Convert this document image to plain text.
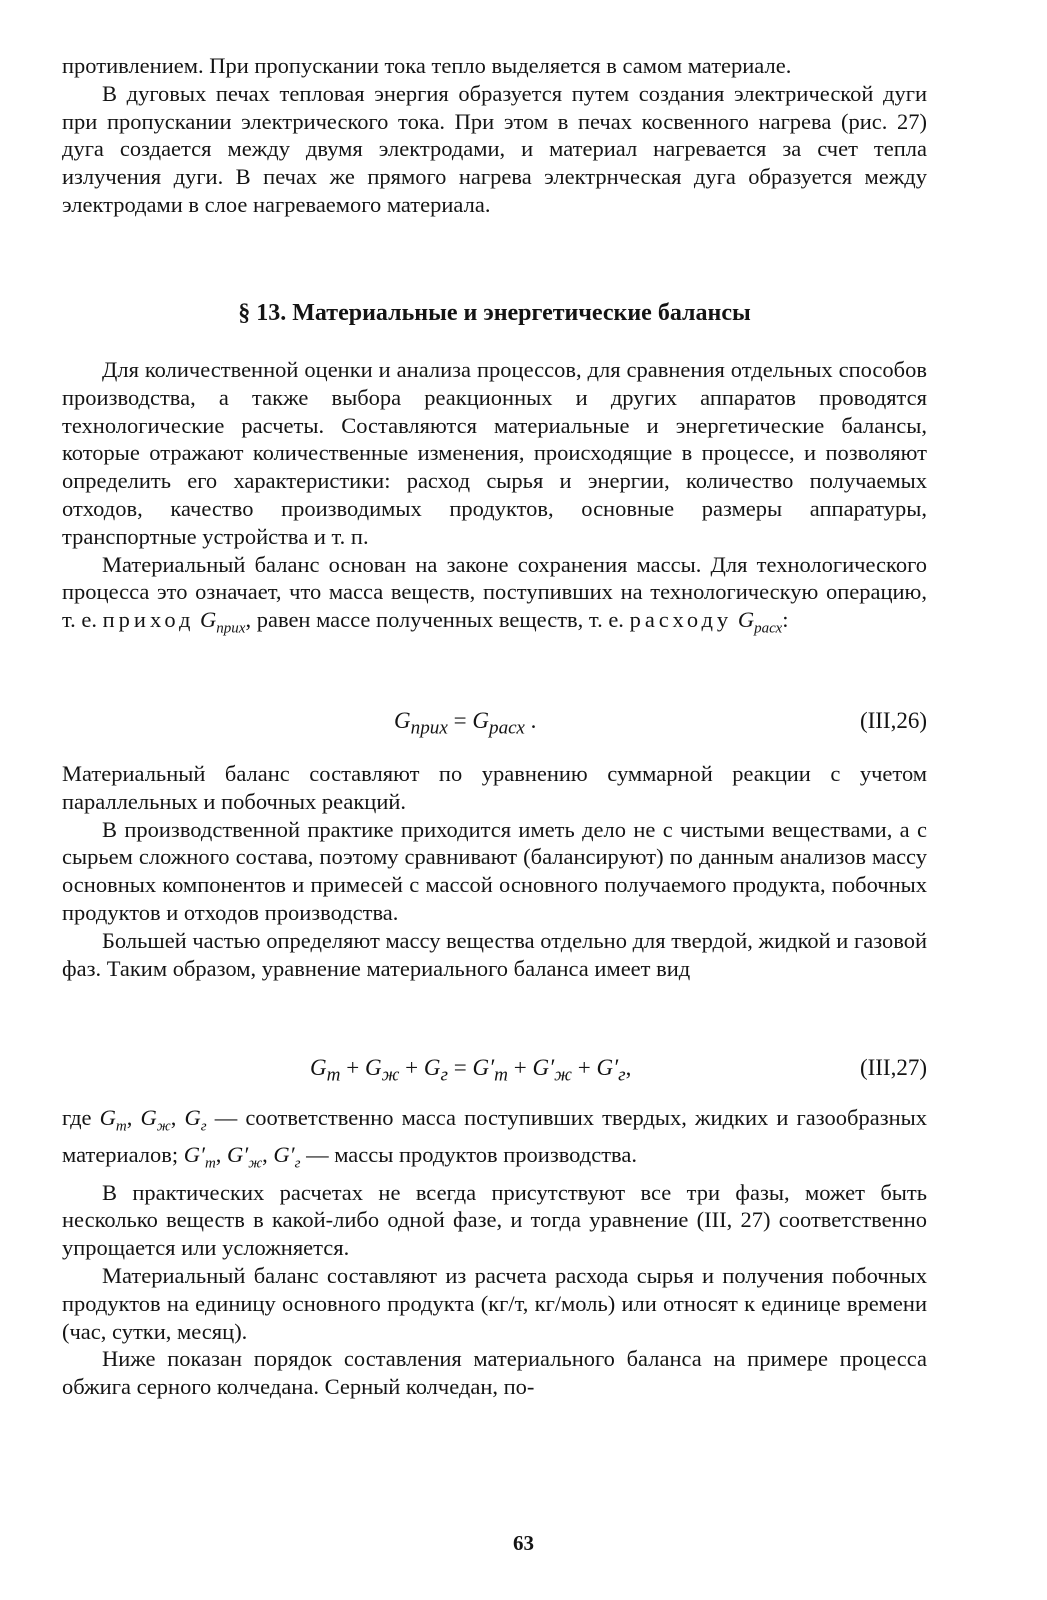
противлением. При пропускании тока тепло выделяется в самом материале.

В дуговых печах тепловая энергия образуется путем создания электрической дуги при пропускании электрического тока. При этом в печах косвенного нагрева (рис. 27) дуга создается между двумя электродами, и материал нагревается за счет тепла излучения дуги. В печах же прямого нагрева электрнческая дуга образуется между электродами в слое нагреваемого материала.

§ 13. Материальные и энергетические балансы

Для количественной оценки и анализа процессов, для сравнения отдельных способов производства, а также выбора реакционных и других аппаратов проводятся технологические расчеты. Составляются материальные и энергетические балансы, которые отражают количественные изменения, происходящие в процессе, и позволяют определить его характеристики: расход сырья и энергии, количество получаемых отходов, качество производимых продуктов, основные размеры аппаратуры, транспортные устройства и т. п.

Материальный баланс основан на законе сохранения массы. Для технологического процесса это означает, что масса веществ, поступивших на технологическую операцию, т. е. приход $G_{прих}$, равен массе полученных веществ, т. е. расходу $G_{расх}$:

$G_{прих} = G_{расх}$ .	(III,26)

Материальный баланс составляют по уравнению суммарной реакции с учетом параллельных и побочных реакций.

В производственной практике приходится иметь дело не с чистыми веществами, а с сырьем сложного состава, поэтому сравнивают (балансируют) по данным анализов массу основных компонентов и примесей с массой основного получаемого продукта, побочных продуктов и отходов производства.

Большей частью определяют массу вещества отдельно для твердой, жидкой и газовой фаз. Таким образом, уравнение материального баланса имеет вид

$G_т + G_ж + G_г = G'_т + G'_ж + G'_г$,	(III,27)

где $G_т$, $G_ж$, $G_г$ — соответственно масса поступивших твердых, жидких и газообразных материалов; $G'_т$, $G'_ж$, $G'_г$ — массы продуктов производства.

В практических расчетах не всегда присутствуют все три фазы, может быть несколько веществ в какой-либо одной фазе, и тогда уравнение (III, 27) соответственно упрощается или усложняется.

Материальный баланс составляют из расчета расхода сырья и получения побочных продуктов на единицу основного продукта (кг/т, кг/моль) или относят к единице времени (час, сутки, месяц).

Ниже показан порядок составления материального баланса на примере процесса обжига серного колчедана. Серный колчедан, по-

63
